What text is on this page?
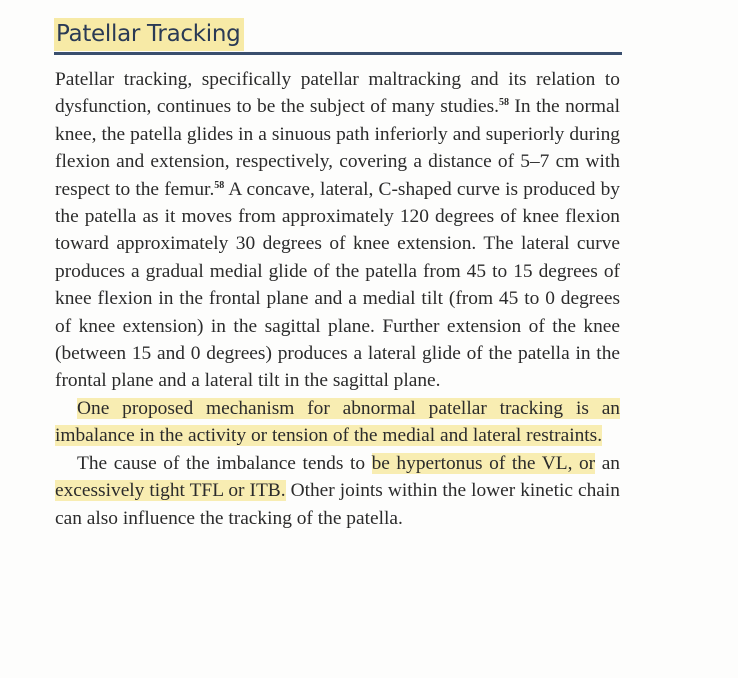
Patellar Tracking

Patellar tracking, specifically patellar maltracking and its relation to dysfunction, continues to be the subject of many studies.$^{58}$ In the normal knee, the patella glides in a sinuous path inferiorly and superiorly during flexion and extension, respectively, covering a distance of 5–7 cm with respect to the femur.$^{58}$ A concave, lateral, C-shaped curve is produced by the patella as it moves from approximately 120 degrees of knee flexion toward approximately 30 degrees of knee extension. The lateral curve produces a gradual medial glide of the patella from 45 to 15 degrees of knee flexion in the frontal plane and a medial tilt (from 45 to 0 degrees of knee extension) in the sagittal plane. Further extension of the knee (between 15 and 0 degrees) produces a lateral glide of the patella in the frontal plane and a lateral tilt in the sagittal plane.

One proposed mechanism for abnormal patellar tracking is an imbalance in the activity or tension of the medial and lateral restraints.

The cause of the imbalance tends to be hypertonus of the VL, or an excessively tight TFL or ITB. Other joints within the lower kinetic chain can also influence the tracking of the patella.
